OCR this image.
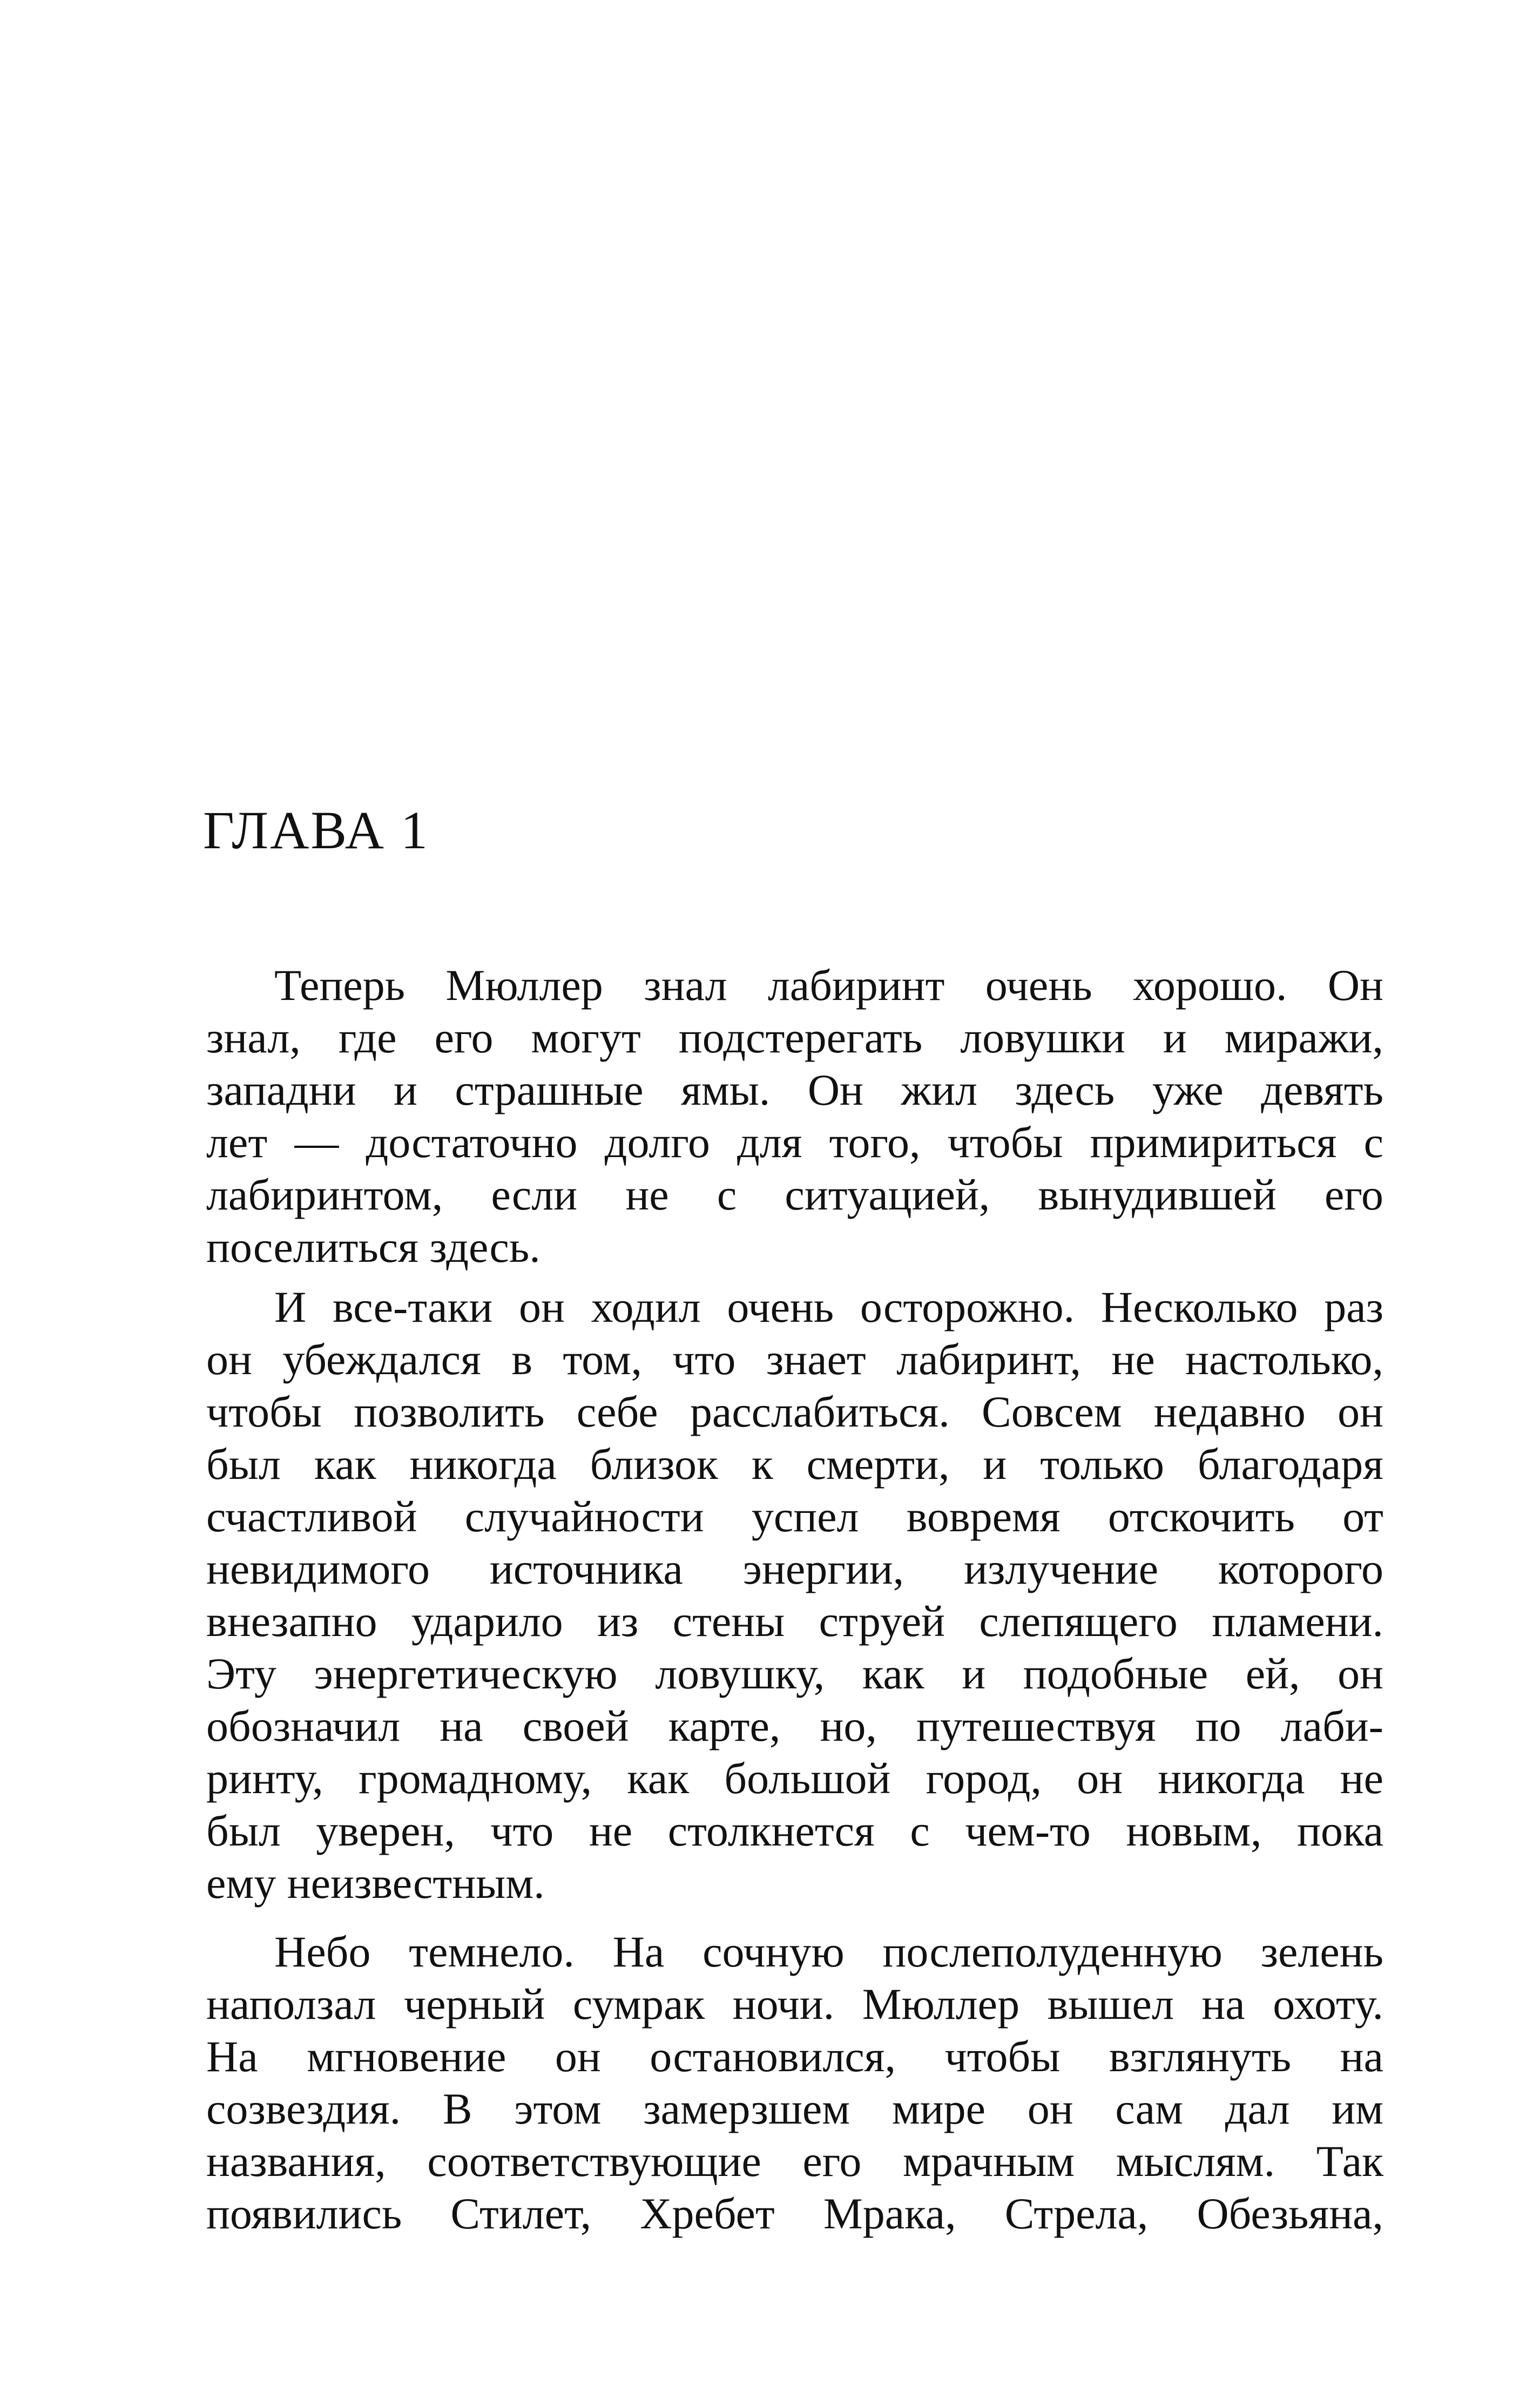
ГЛАВА 1

Теперь Мюллер знал лабиринт очень хорошо. Он
знал, где его могут подстерегать ловушки и миражи,
западни и страшные ямы. Он жил здесь уже девять
лет — достаточно долго для того, чтобы примириться с
лабиринтом, если не с ситуацией, вынудившей его
поселиться здесь.

И все-таки он ходил очень осторожно. Несколько раз
он убеждался в том, что знает лабиринт, не настолько,
чтобы позволить себе расслабиться. Совсем недавно он
был как никогда близок к смерти, и только благодаря
счастливой случайности успел вовремя отскочить от
невидимого источника энергии, излучение которого
внезапно ударило из стены струей слепящего пламени.
Эту энергетическую ловушку, как и подобные ей, он
обозначил на своей карте, но, путешествуя по лаби-
ринту, громадному, как большой город, он никогда не
был уверен, что не столкнется с чем-то новым, пока
ему неизвестным.

Небо темнело. На сочную послеполуденную зелень
наползал черный сумрак ночи. Мюллер вышел на охоту.
На мгновение он остановился, чтобы взглянуть на
созвездия. В этом замерзшем мире он сам дал им
названия, соответствующие его мрачным мыслям. Так
появились Стилет, Хребет Мрака, Стрела, Обезьяна,
